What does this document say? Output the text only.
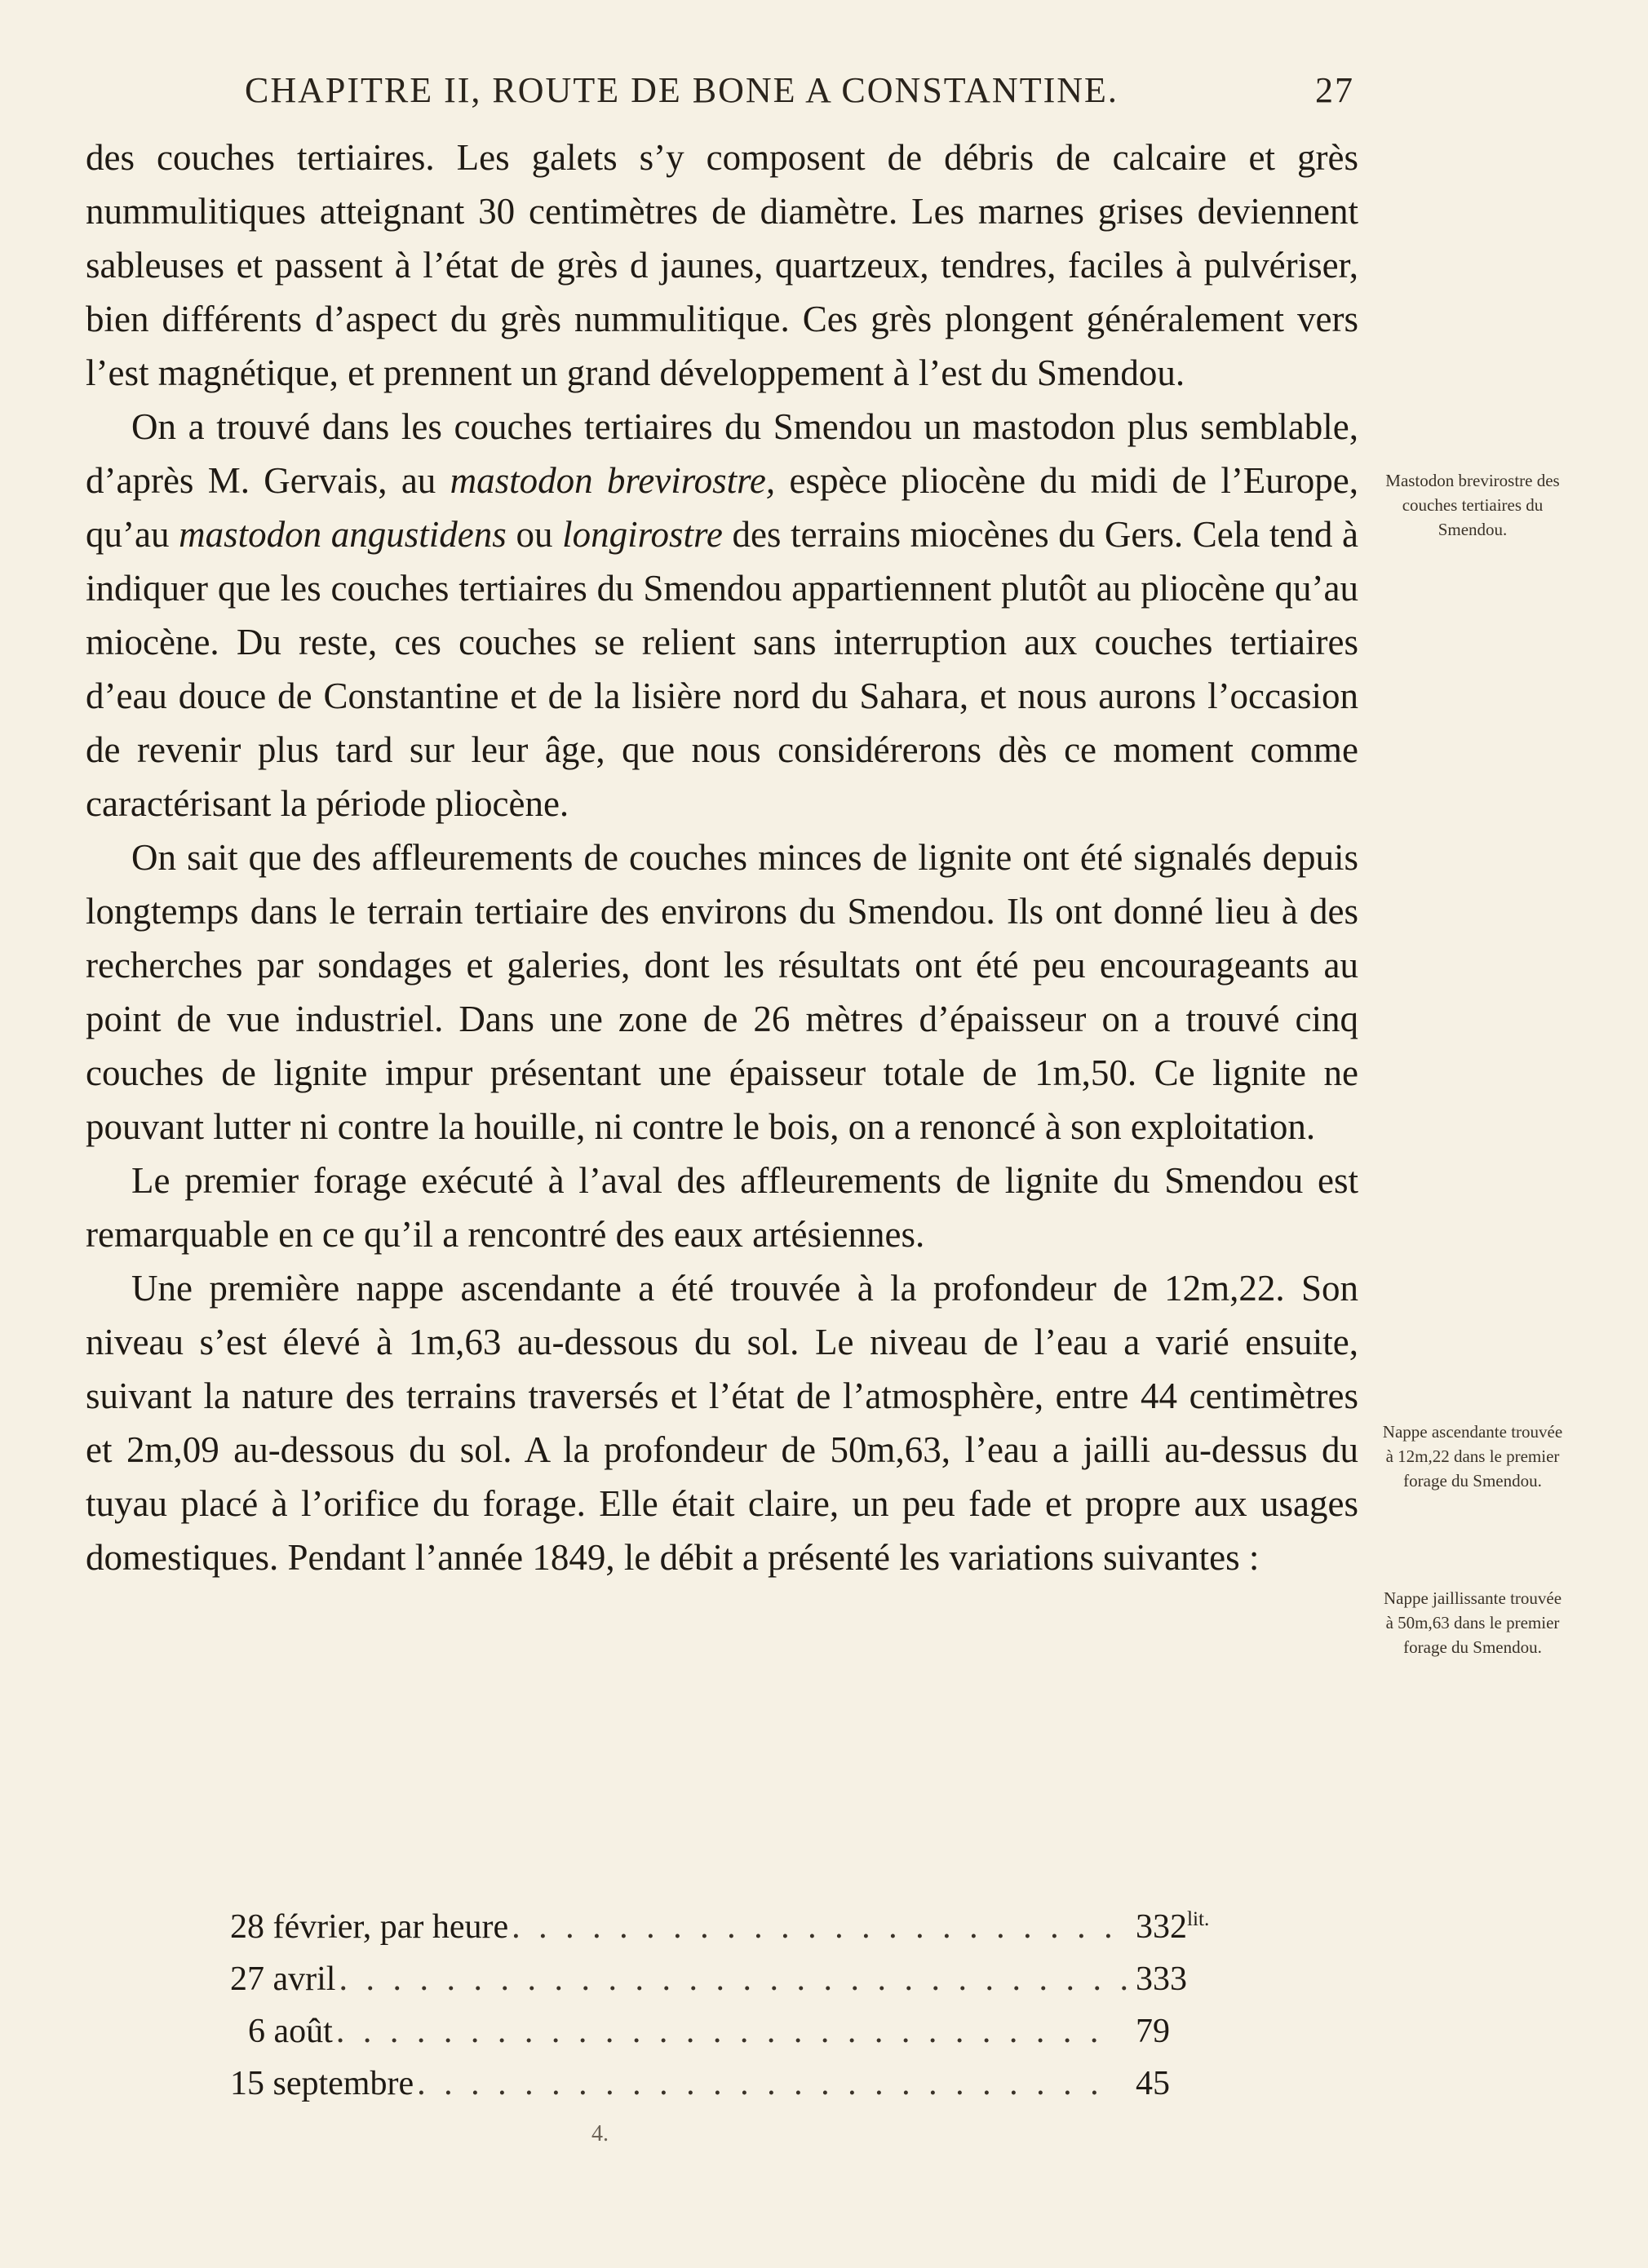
CHAPITRE II, ROUTE DE BONE A CONSTANTINE.	27

des couches tertiaires. Les galets s’y composent de débris de calcaire et grès nummulitiques atteignant 30 centimètres de diamètre. Les marnes grises deviennent sableuses et passent à l’état de grès d jaunes, quartzeux, tendres, faciles à pulvériser, bien différents d’aspect du grès nummulitique. Ces grès plongent généralement vers l’est magnétique, et prennent un grand développement à l’est du Smendou.

On a trouvé dans les couches tertiaires du Smendou un mastodon plus semblable, d’après M. Gervais, au mastodon brevirostre, espèce pliocène du midi de l’Europe, qu’au mastodon angustidens ou longirostre des terrains miocènes du Gers. Cela tend à indiquer que les couches tertiaires du Smendou appartiennent plutôt au pliocène qu’au miocène. Du reste, ces couches se relient sans interruption aux couches tertiaires d’eau douce de Constantine et de la lisière nord du Sahara, et nous aurons l’occasion de revenir plus tard sur leur âge, que nous considérerons dès ce moment comme caractérisant la période pliocène.

On sait que des affleurements de couches minces de lignite ont été signalés depuis longtemps dans le terrain tertiaire des environs du Smendou. Ils ont donné lieu à des recherches par sondages et galeries, dont les résultats ont été peu encourageants au point de vue industriel. Dans une zone de 26 mètres d’épaisseur on a trouvé cinq couches de lignite impur présentant une épaisseur totale de 1m,50. Ce lignite ne pouvant lutter ni contre la houille, ni contre le bois, on a renoncé à son exploitation.

Le premier forage exécuté à l’aval des affleurements de lignite du Smendou est remarquable en ce qu’il a rencontré des eaux artésiennes.

Une première nappe ascendante a été trouvée à la profondeur de 12m,22. Son niveau s’est élevé à 1m,63 au-dessous du sol. Le niveau de l’eau a varié ensuite, suivant la nature des terrains traversés et l’état de l’atmosphère, entre 44 centimètres et 2m,09 au-dessous du sol. A la profondeur de 50m,63, l’eau a jailli au-dessus du tuyau placé à l’orifice du forage. Elle était claire, un peu fade et propre aux usages domestiques. Pendant l’année 1849, le débit a présenté les variations suivantes :

Mastodon brevirostre des couches tertiaires du Smendou.
Nappe ascendante trouvée à 12m,22 dans le premier forage du Smendou.
Nappe jaillissante trouvée à 50m,63 dans le premier forage du Smendou.
28 février, par heure . . .	$332^{lit.}$
27 avril . . .	333
6 août . . .	79
15 septembre . . .	45
4.
